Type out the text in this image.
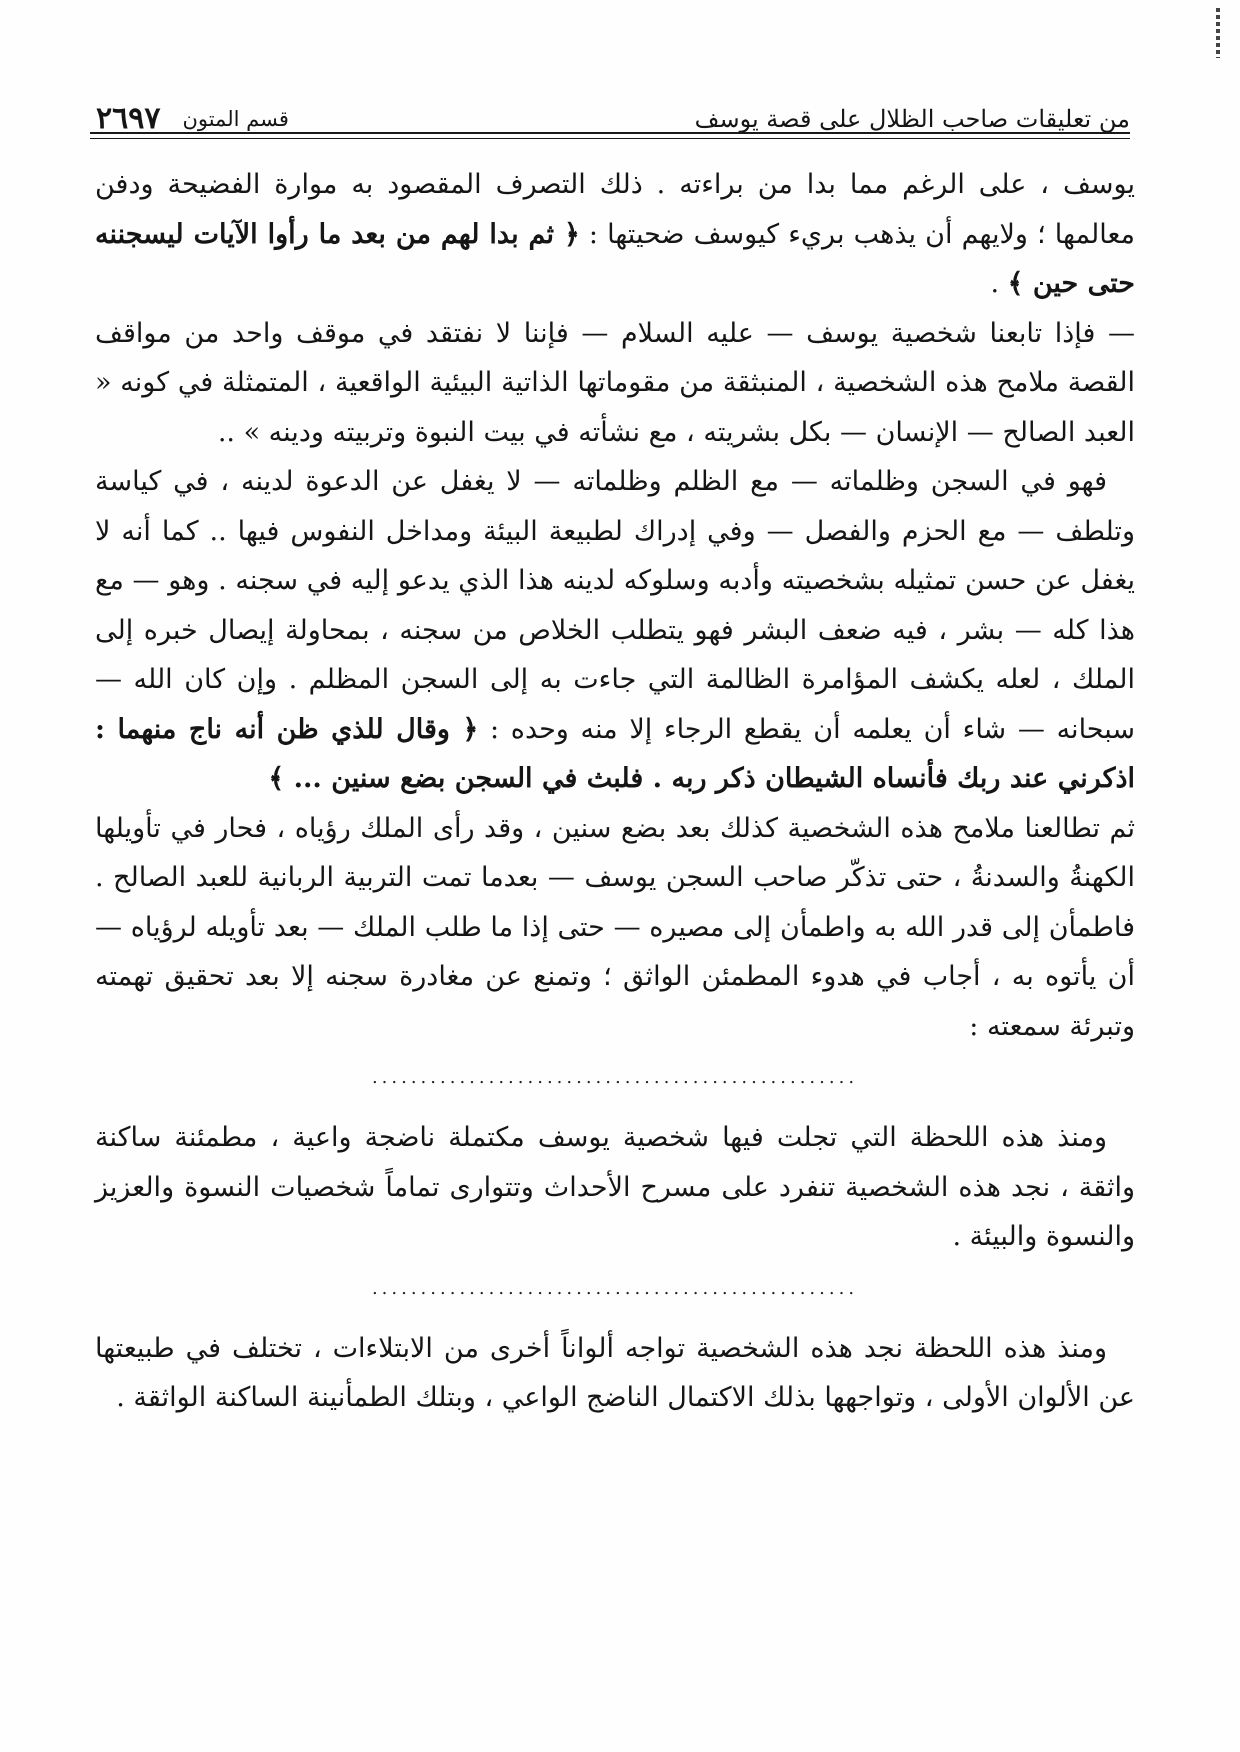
من تعليقات صاحب الظلال على قصة يوسف
٢٦٩٧ قسم المتون

يوسف ، على الرغم مما بدا من براءته . ذلك التصرف المقصود به موارة الفضيحة ودفن معالمها ؛ ولايهم أن يذهب بريء كيوسف ضحيتها : ﴿ ثم بدا لهم من بعد ما رأوا الآيات ليسجننه حتى حين ﴾ .

— فإذا تابعنا شخصية يوسف — عليه السلام — فإننا لا نفتقد في موقف واحد من مواقف القصة ملامح هذه الشخصية ، المنبثقة من مقوماتها الذاتية البيئية الواقعية ، المتمثلة في كونه « العبد الصالح — الإنسان — بكل بشريته ، مع نشأته في بيت النبوة وتربيته ودينه » ..

فهو في السجن وظلماته — مع الظلم وظلماته — لا يغفل عن الدعوة لدينه ، في كياسة وتلطف — مع الحزم والفصل — وفي إدراك لطبيعة البيئة ومداخل النفوس فيها .. كما أنه لا يغفل عن حسن تمثيله بشخصيته وأدبه وسلوكه لدينه هذا الذي يدعو إليه في سجنه . وهو — مع هذا كله — بشر ، فيه ضعف البشر فهو يتطلب الخلاص من سجنه ، بمحاولة إيصال خبره إلى الملك ، لعله يكشف المؤامرة الظالمة التي جاءت به إلى السجن المظلم . وإن كان الله — سبحانه — شاء أن يعلمه أن يقطع الرجاء إلا منه وحده : ﴿ وقال للذي ظن أنه ناج منهما : اذكرني عند ربك فأنساه الشيطان ذكر ربه . فلبث في السجن بضع سنين ... ﴾

ثم تطالعنا ملامح هذه الشخصية كذلك بعد بضع سنين ، وقد رأى الملك رؤياه ، فحار في تأويلها الكهنةُ والسدنةُ ، حتى تذكّر صاحب السجن يوسف — بعدما تمت التربية الربانية للعبد الصالح . فاطمأن إلى قدر الله به واطمأن إلى مصيره — حتى إذا ما طلب الملك — بعد تأويله لرؤياه — أن يأتوه به ، أجاب في هدوء المطمئن الواثق ؛ وتمنع عن مغادرة سجنه إلا بعد تحقيق تهمته وتبرئة سمعته :

..................................................

ومنذ هذه اللحظة التي تجلت فيها شخصية يوسف مكتملة ناضجة واعية ، مطمئنة ساكنة واثقة ، نجد هذه الشخصية تنفرد على مسرح الأحداث وتتوارى تماماً شخصيات النسوة والعزيز والنسوة والبيئة .

..................................................

ومنذ هذه اللحظة نجد هذه الشخصية تواجه ألواناً أخرى من الابتلاءات ، تختلف في طبيعتها عن الألوان الأولى ، وتواجهها بذلك الاكتمال الناضج الواعي ، وبتلك الطمأنينة الساكنة الواثقة .
